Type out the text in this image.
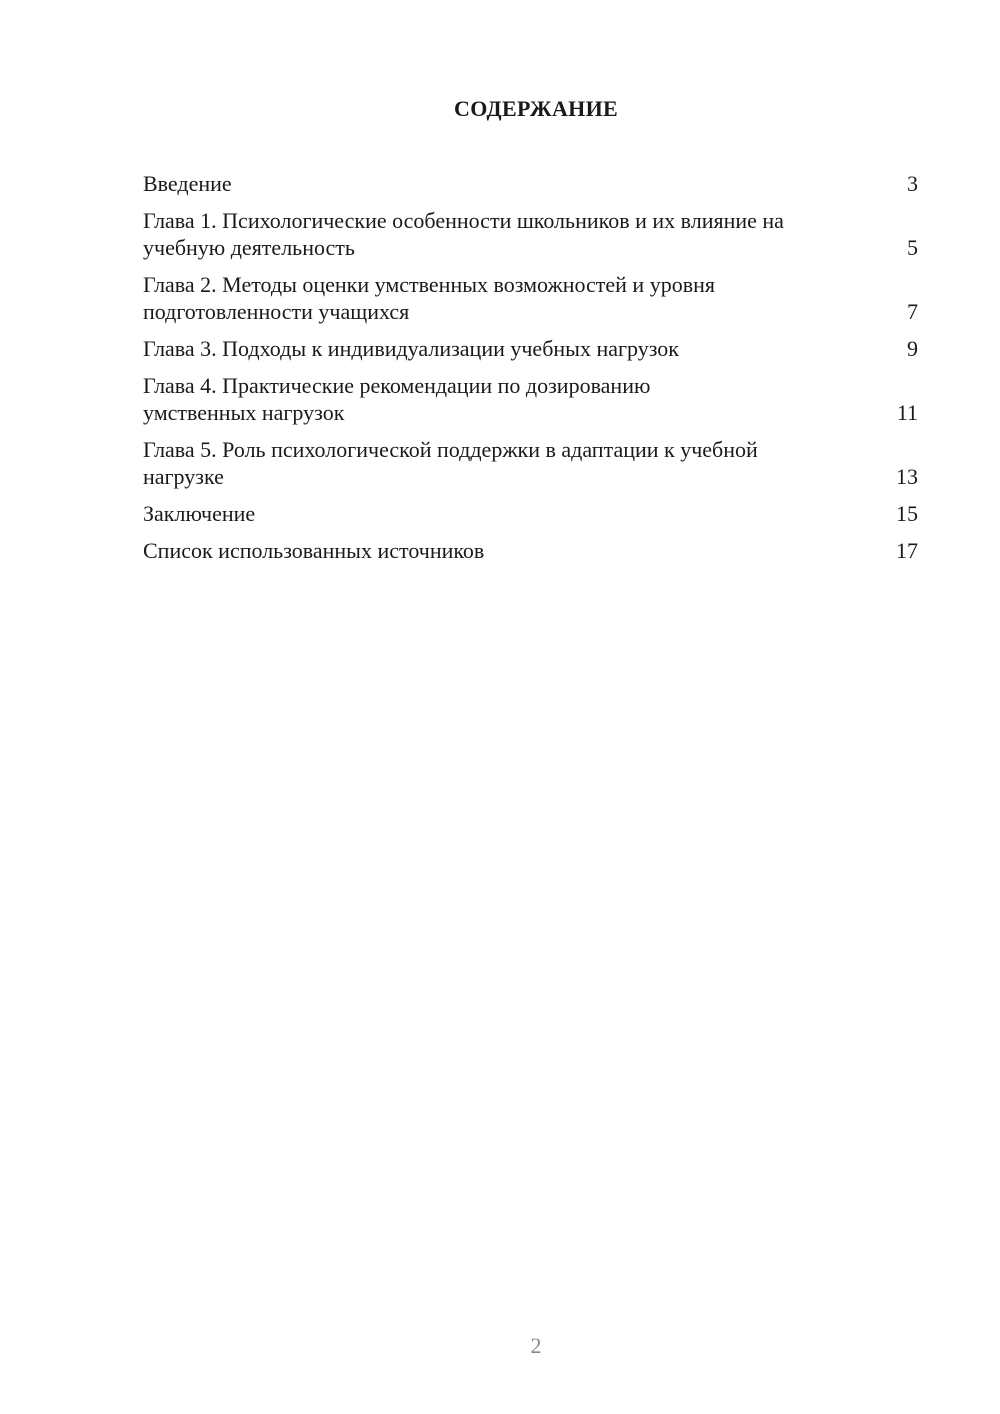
СОДЕРЖАНИЕ
Введение	3
Глава 1. Психологические особенности школьников и их влияние на учебную деятельность	5
Глава 2. Методы оценки умственных возможностей и уровня подготовленности учащихся	7
Глава 3. Подходы к индивидуализации учебных нагрузок	9
Глава 4. Практические рекомендации по дозированию умственных нагрузок	11
Глава 5. Роль психологической поддержки в адаптации к учебной нагрузке	13
Заключение	15
Список использованных источников	17
2
